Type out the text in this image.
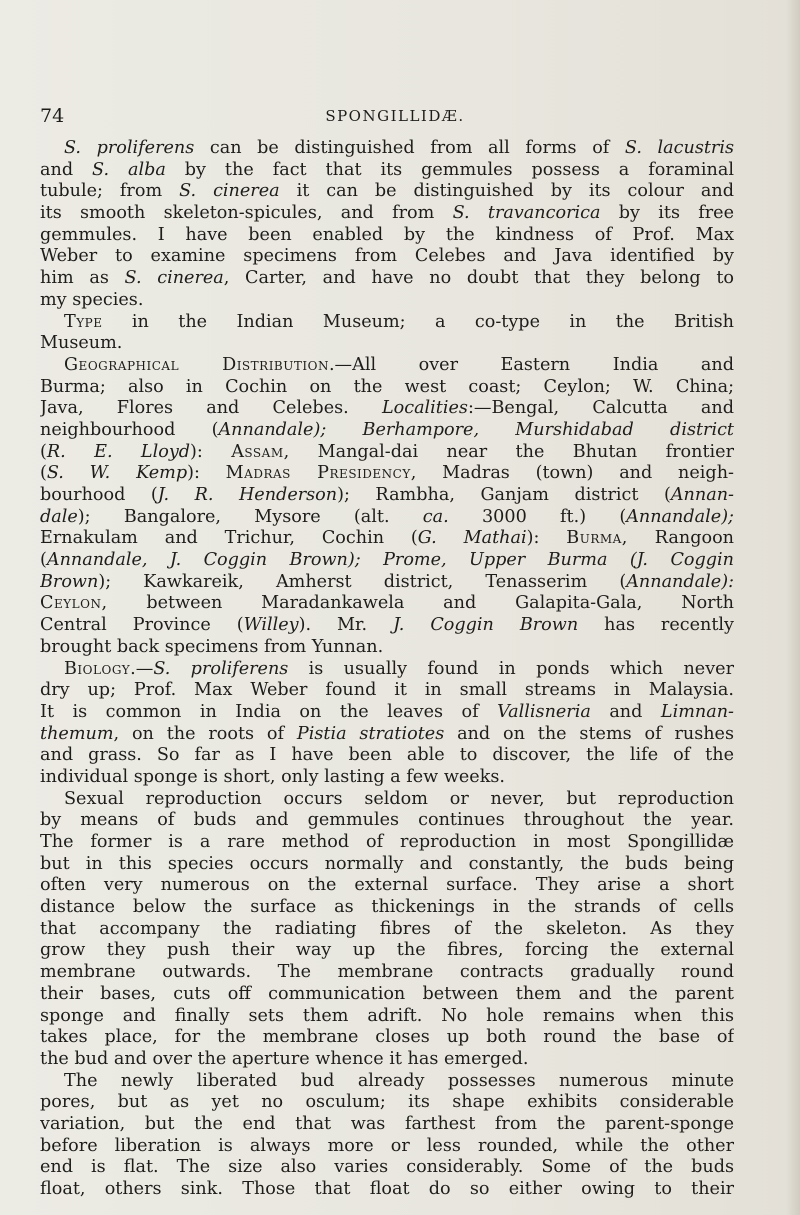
74	SPONGILLIDÆ.
S. proliferens can be distinguished from all forms of S. lacustris
and S. alba by the fact that its gemmules possess a foraminal
tubule; from S. cinerea it can be distinguished by its colour and
its smooth skeleton-spicules, and from S. travancorica by its free
gemmules. I have been enabled by the kindness of Prof. Max
Weber to examine specimens from Celebes and Java identified by
him as S. cinerea, Carter, and have no doubt that they belong to
my species.
Type in the Indian Museum; a co-type in the British
Museum.
Geographical Distribution.—All over Eastern India and
Burma; also in Cochin on the west coast; Ceylon; W. China;
Java, Flores and Celebes. Localities:—Bengal, Calcutta and
neighbourhood (Annandale); Berhampore, Murshidabad district
(R. E. Lloyd): Assam, Mangal-dai near the Bhutan frontier
(S. W. Kemp): Madras Presidency, Madras (town) and neigh-
bourhood (J. R. Henderson); Rambha, Ganjam district (Annan-
dale); Bangalore, Mysore (alt. ca. 3000 ft.) (Annandale);
Ernakulam and Trichur, Cochin (G. Mathai): Burma, Rangoon
(Annandale, J. Coggin Brown); Prome, Upper Burma (J. Coggin
Brown); Kawkareik, Amherst district, Tenasserim (Annandale):
Ceylon, between Maradankawela and Galapita-Gala, North
Central Province (Willey). Mr. J. Coggin Brown has recently
brought back specimens from Yunnan.
Biology.—S. proliferens is usually found in ponds which never
dry up; Prof. Max Weber found it in small streams in Malaysia.
It is common in India on the leaves of Vallisneria and Limnan-
themum, on the roots of Pistia stratiotes and on the stems of rushes
and grass. So far as I have been able to discover, the life of the
individual sponge is short, only lasting a few weeks.
Sexual reproduction occurs seldom or never, but reproduction
by means of buds and gemmules continues throughout the year.
The former is a rare method of reproduction in most Spongillidæ
but in this species occurs normally and constantly, the buds being
often very numerous on the external surface. They arise a short
distance below the surface as thickenings in the strands of cells
that accompany the radiating fibres of the skeleton. As they
grow they push their way up the fibres, forcing the external
membrane outwards. The membrane contracts gradually round
their bases, cuts off communication between them and the parent
sponge and finally sets them adrift. No hole remains when this
takes place, for the membrane closes up both round the base of
the bud and over the aperture whence it has emerged.
The newly liberated bud already possesses numerous minute
pores, but as yet no osculum; its shape exhibits considerable
variation, but the end that was farthest from the parent-sponge
before liberation is always more or less rounded, while the other
end is flat. The size also varies considerably. Some of the buds
float, others sink. Those that float do so either owing to their
